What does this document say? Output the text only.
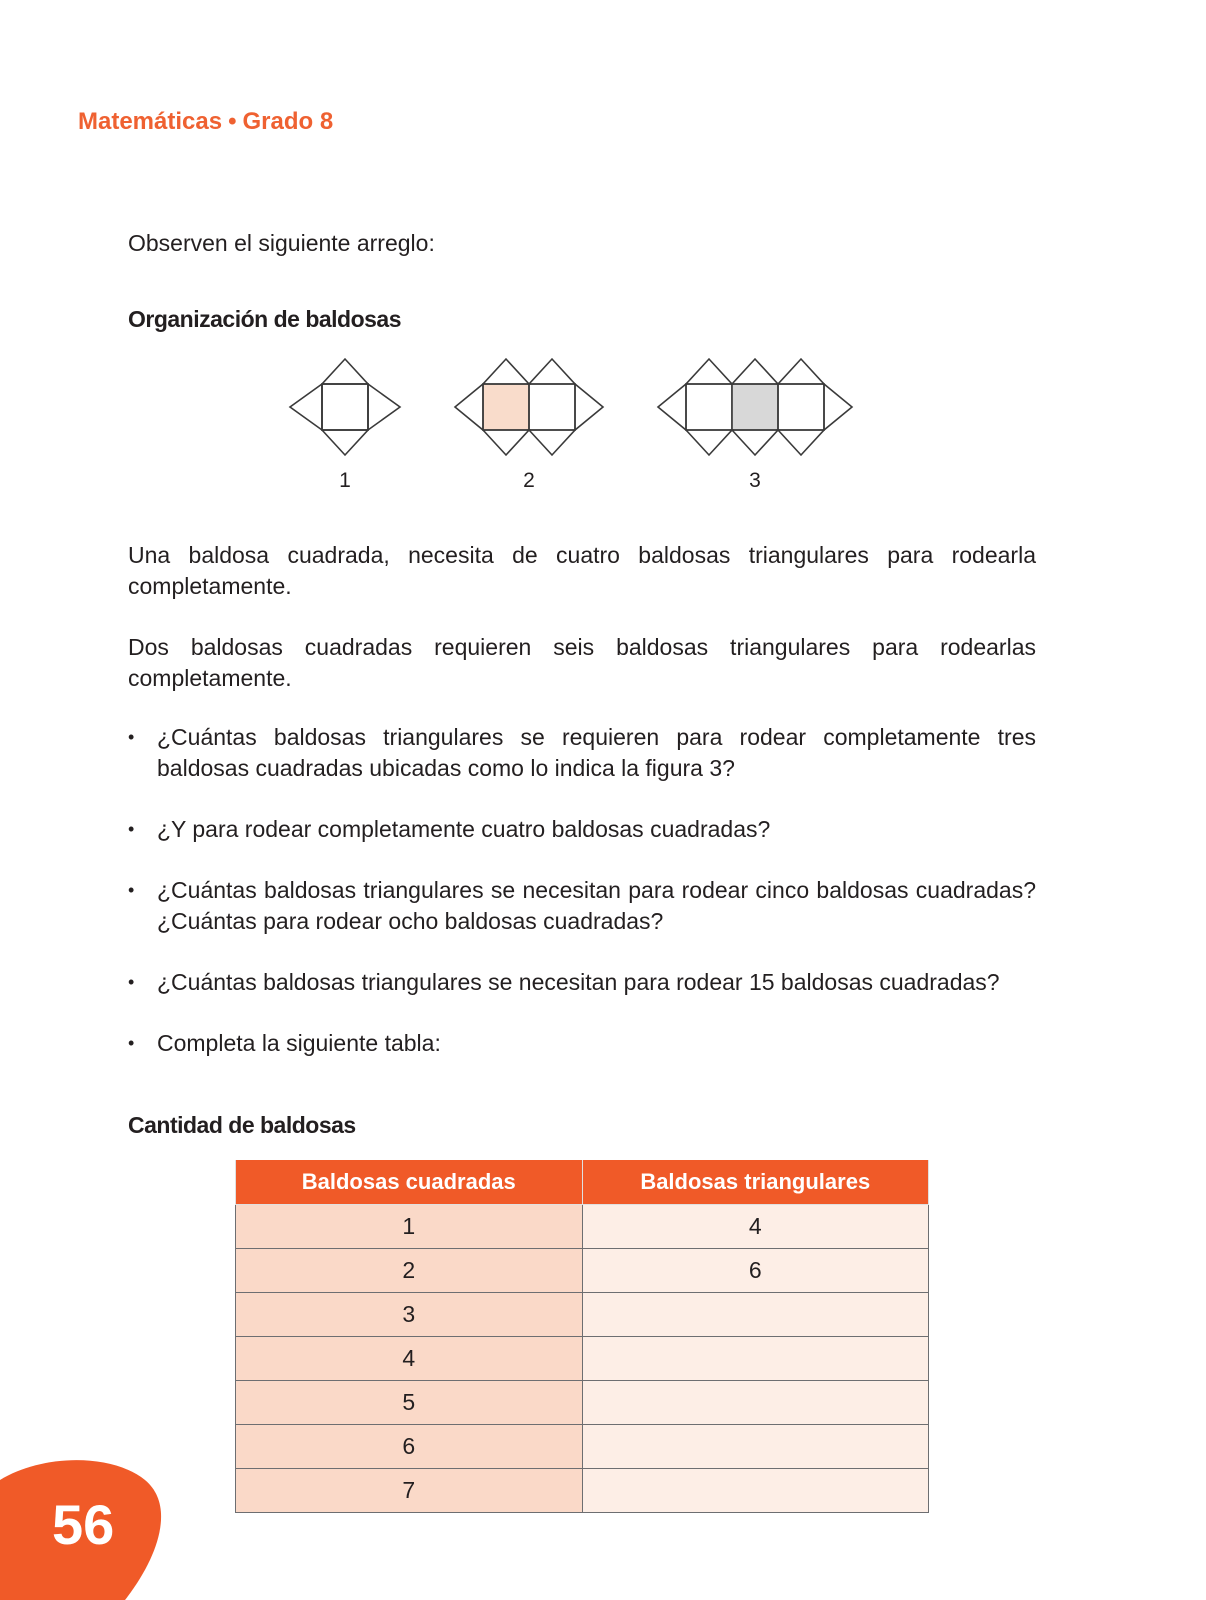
Matemáticas • Grado 8
Observen el siguiente arreglo:
Organización de baldosas
1	2	3
Una baldosa cuadrada, necesita de cuatro baldosas triangulares para rodearla completamente.
Dos baldosas cuadradas requieren seis baldosas triangulares para rodearlas completamente.
• ¿Cuántas baldosas triangulares se requieren para rodear completamente tres baldosas cuadradas ubicadas como lo indica la figura 3?
• ¿Y para rodear completamente cuatro baldosas cuadradas?
• ¿Cuántas baldosas triangulares se necesitan para rodear cinco baldosas cuadradas? ¿Cuántas para rodear ocho baldosas cuadradas?
• ¿Cuántas baldosas triangulares se necesitan para rodear 15 baldosas cuadradas?
• Completa la siguiente tabla:
Cantidad de baldosas
Baldosas cuadradas	Baldosas triangulares
1	4
2	6
3	
4	
5	
6	
7	
56
